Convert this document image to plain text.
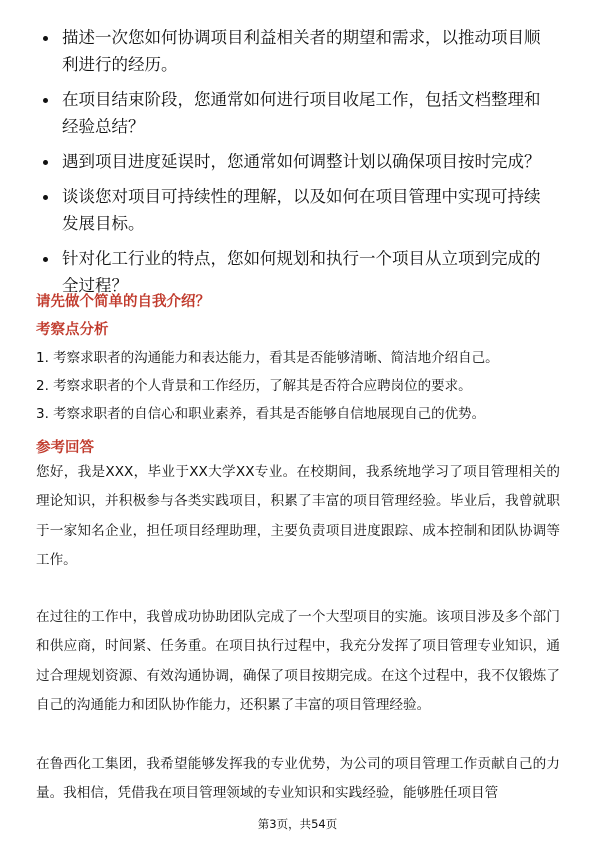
描述一次您如何协调项目利益相关者的期望和需求，以推动项目顺利进行的经历。
在项目结束阶段，您通常如何进行项目收尾工作，包括文档整理和经验总结？
遇到项目进度延误时，您通常如何调整计划以确保项目按时完成？
谈谈您对项目可持续性的理解，以及如何在项目管理中实现可持续发展目标。
针对化工行业的特点，您如何规划和执行一个项目从立项到完成的全过程？
请先做个简单的自我介绍？
考察点分析
1. 考察求职者的沟通能力和表达能力，看其是否能够清晰、简洁地介绍自己。
2. 考察求职者的个人背景和工作经历，了解其是否符合应聘岗位的要求。
3. 考察求职者的自信心和职业素养，看其是否能够自信地展现自己的优势。
参考回答
您好，我是XXX，毕业于XX大学XX专业。在校期间，我系统地学习了项目管理相关的理论知识，并积极参与各类实践项目，积累了丰富的项目管理经验。毕业后，我曾就职于一家知名企业，担任项目经理助理，主要负责项目进度跟踪、成本控制和团队协调等工作。
在过往的工作中，我曾成功协助团队完成了一个大型项目的实施。该项目涉及多个部门和供应商，时间紧、任务重。在项目执行过程中，我充分发挥了项目管理专业知识，通过合理规划资源、有效沟通协调，确保了项目按期完成。在这个过程中，我不仅锻炼了自己的沟通能力和团队协作能力，还积累了丰富的项目管理经验。
在鲁西化工集团，我希望能够发挥我的专业优势，为公司的项目管理工作贡献自己的力量。我相信，凭借我在项目管理领域的专业知识和实践经验，能够胜任项目管
第3页，共54页
